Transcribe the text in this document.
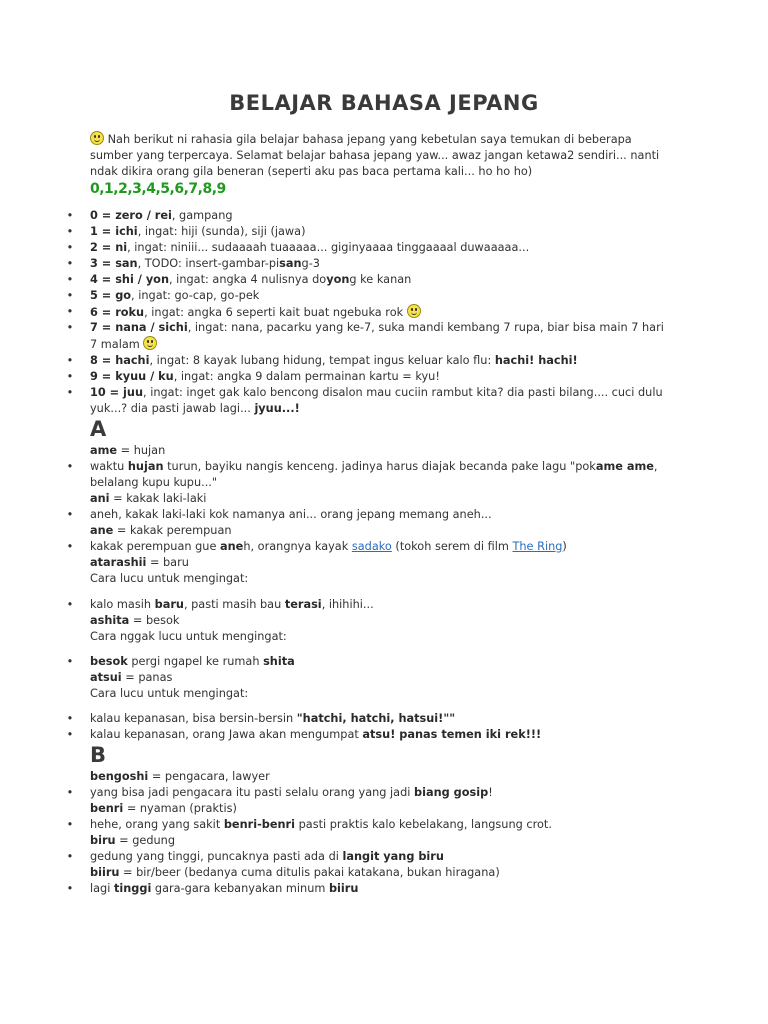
BELAJAR BAHASA JEPANG
Nah berikut ni rahasia gila belajar bahasa jepang yang kebetulan saya temukan di beberapa
sumber yang terpercaya. Selamat belajar bahasa jepang yaw... awaz jangan ketawa2 sendiri... nanti
ndak dikira orang gila beneran (seperti aku pas baca pertama kali... ho ho ho)
0,1,2,3,4,5,6,7,8,9
•
0 = zero / rei, gampang
•
1 = ichi, ingat: hiji (sunda), siji (jawa)
•
2 = ni, ingat: niniii... sudaaaah tuaaaaa... giginyaaaa tinggaaaal duwaaaaa...
•
3 = san, TODO: insert-gambar-pisang-3
•
4 = shi / yon, ingat: angka 4 nulisnya doyong ke kanan
•
5 = go, ingat: go-cap, go-pek
•
6 = roku, ingat: angka 6 seperti kait buat ngebuka rok
•
7 = nana / sichi, ingat: nana, pacarku yang ke-7, suka mandi kembang 7 rupa, biar bisa main 7 hari
7 malam
•
8 = hachi, ingat: 8 kayak lubang hidung, tempat ingus keluar kalo flu: hachi! hachi!
•
9 = kyuu / ku, ingat: angka 9 dalam permainan kartu = kyu!
•
10 = juu, ingat: inget gak kalo bencong disalon mau cuciin rambut kita? dia pasti bilang.... cuci dulu
yuk...? dia pasti jawab lagi... jyuu...!
A
ame = hujan
•
waktu hujan turun, bayiku nangis kenceng. jadinya harus diajak becanda pake lagu "pokame ame,
belalang kupu kupu..."
ani = kakak laki-laki
•
aneh, kakak laki-laki kok namanya ani... orang jepang memang aneh...
ane = kakak perempuan
•
kakak perempuan gue aneh, orangnya kayak sadako (tokoh serem di film The Ring)
atarashii = baru
Cara lucu untuk mengingat:
•
kalo masih baru, pasti masih bau terasi, ihihihi...
ashita = besok
Cara nggak lucu untuk mengingat:
•
besok pergi ngapel ke rumah shita
atsui = panas
Cara lucu untuk mengingat:
•
kalau kepanasan, bisa bersin-bersin "hatchi, hatchi, hatsui!""
•
kalau kepanasan, orang Jawa akan mengumpat atsu! panas temen iki rek!!!
B
bengoshi = pengacara, lawyer
•
yang bisa jadi pengacara itu pasti selalu orang yang jadi biang gosip!
benri = nyaman (praktis)
•
hehe, orang yang sakit benri-benri pasti praktis kalo kebelakang, langsung crot.
biru = gedung
•
gedung yang tinggi, puncaknya pasti ada di langit yang biru
biiru = bir/beer (bedanya cuma ditulis pakai katakana, bukan hiragana)
•
lagi tinggi gara-gara kebanyakan minum biiru
